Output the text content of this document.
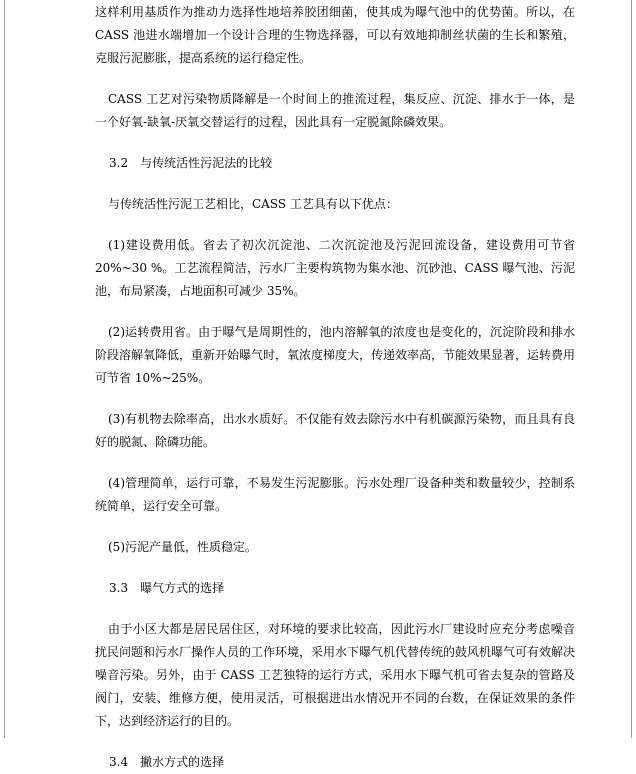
这样利用基质作为推动力选择性地培养胶团细菌，使其成为曝气池中的优势菌。所以，在 CASS 池进水端增加一个设计合理的生物选择器，可以有效地抑制丝状菌的生长和繁殖，克服污泥膨胀，提高系统的运行稳定性。

CASS 工艺对污染物质降解是一个时间上的推流过程，集反应、沉淀、排水于一体，是一个好氧-缺氧-厌氧交替运行的过程，因此具有一定脱氮除磷效果。

3.2　与传统活性污泥法的比较

与传统活性污泥工艺相比，CASS 工艺具有以下优点：

(1)建设费用低。省去了初次沉淀池、二次沉淀池及污泥回流设备，建设费用可节省 20%~30 %。工艺流程简洁，污水厂主要构筑物为集水池、沉砂池、CASS 曝气池、污泥池，布局紧凑，占地面积可减少 35%。

(2)运转费用省。由于曝气是周期性的，池内溶解氧的浓度也是变化的，沉淀阶段和排水阶段溶解氧降低，重新开始曝气时，氧浓度梯度大，传递效率高，节能效果显著，运转费用可节省 10%~25%。

(3)有机物去除率高，出水水质好。不仅能有效去除污水中有机碳源污染物，而且具有良好的脱氮、除磷功能。

(4)管理简单，运行可靠，不易发生污泥膨胀。污水处理厂设备种类和数量较少，控制系统简单，运行安全可靠。

(5)污泥产量低，性质稳定。

3.3　曝气方式的选择

由于小区大都是居民居住区，对环境的要求比较高，因此污水厂建设时应充分考虑噪音扰民问题和污水厂操作人员的工作环境，采用水下曝气机代替传统的鼓风机曝气可有效解决噪音污染。另外，由于 CASS 工艺独特的运行方式，采用水下曝气机可省去复杂的管路及阀门，安装、维修方便，使用灵活，可根据进出水情况开不同的台数，在保证效果的条件下，达到经济运行的目的。

3.4　撇水方式的选择
